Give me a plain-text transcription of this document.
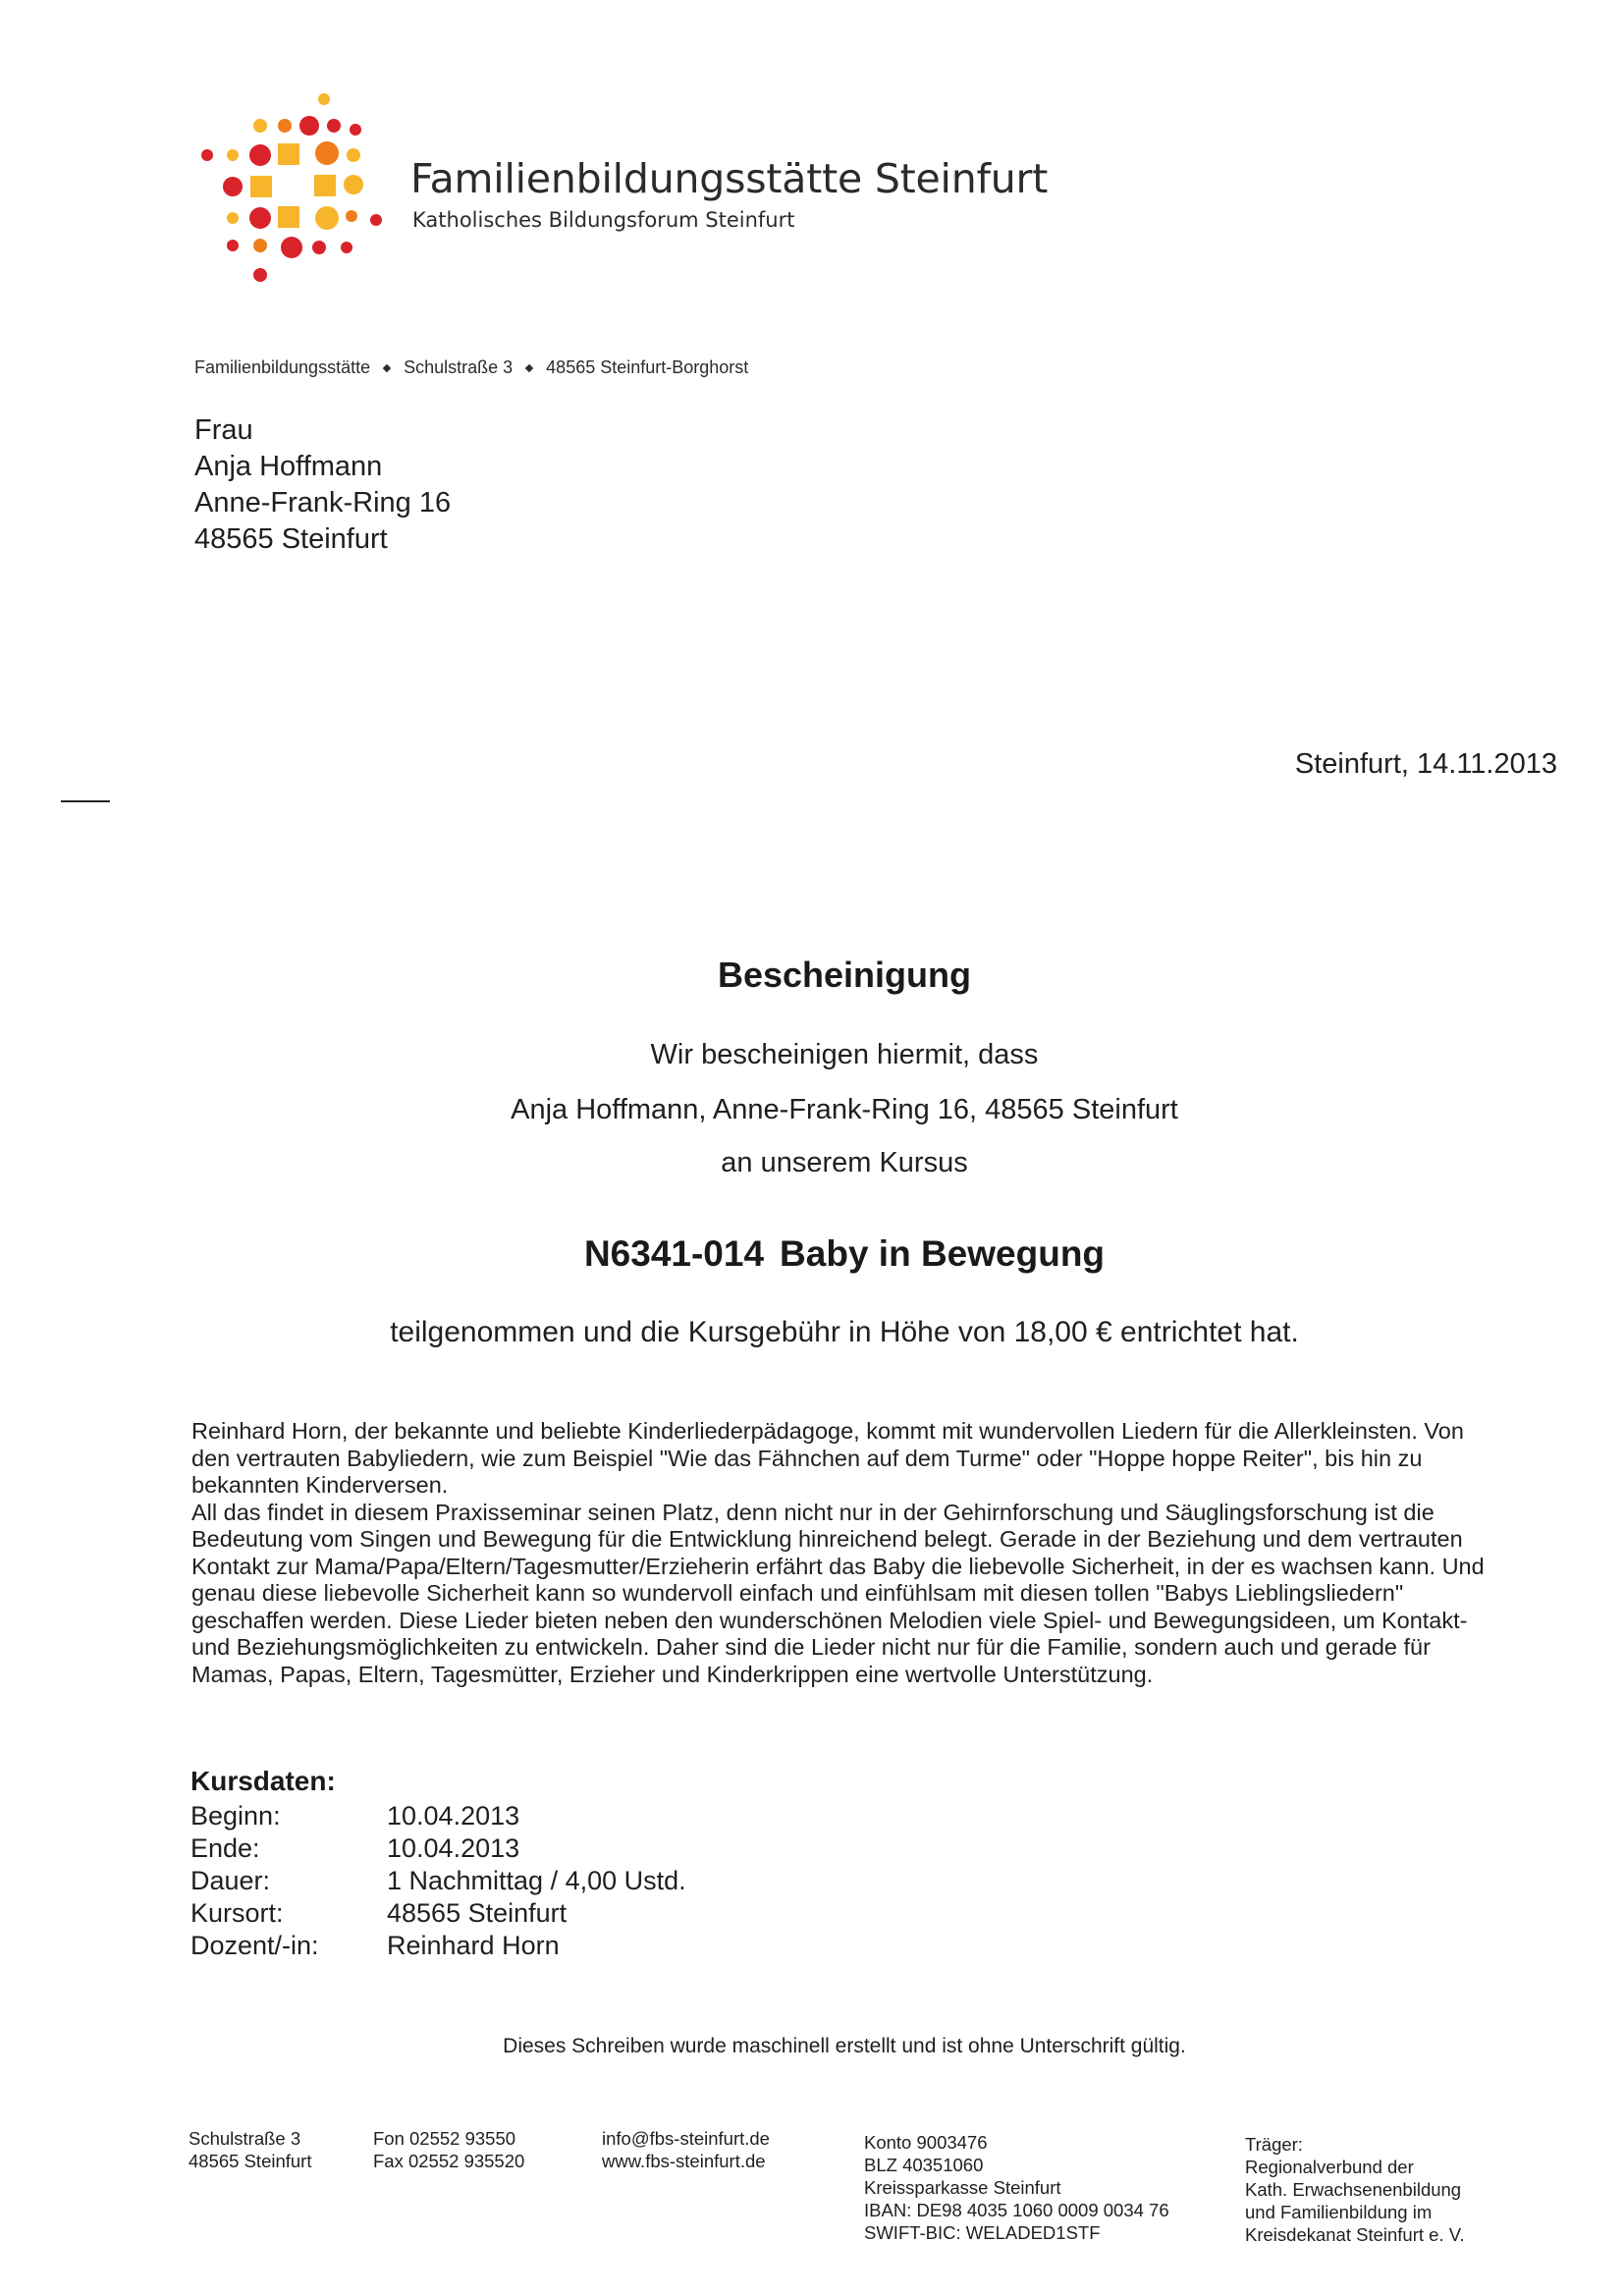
Familienbildungsstätte Steinfurt
Katholisches Bildungsforum Steinfurt
Familienbildungsstätte Schulstraße 3 48565 Steinfurt-Borghorst
Frau
Anja Hoffmann
Anne-Frank-Ring 16
48565 Steinfurt
Steinfurt, 14.11.2013
Bescheinigung
Wir bescheinigen hiermit, dass
Anja Hoffmann, Anne-Frank-Ring 16, 48565 Steinfurt
an unserem Kursus
N6341-014 Baby in Bewegung
teilgenommen und die Kursgebühr in Höhe von 18,00 € entrichtet hat.

Reinhard Horn, der bekannte und beliebte Kinderliederpädagoge, kommt mit wundervollen Liedern für die Allerkleinsten. Von den vertrauten Babyliedern, wie zum Beispiel "Wie das Fähnchen auf dem Turme" oder "Hoppe hoppe Reiter", bis hin zu bekannten Kinderversen.

All das findet in diesem Praxisseminar seinen Platz, denn nicht nur in der Gehirnforschung und Säuglingsforschung ist die Bedeutung vom Singen und Bewegung für die Entwicklung hinreichend belegt. Gerade in der Beziehung und dem vertrauten Kontakt zur Mama/Papa/Eltern/Tagesmutter/Erzieherin erfährt das Baby die liebevolle Sicherheit, in der es wachsen kann. Und genau diese liebevolle Sicherheit kann so wundervoll einfach und einfühlsam mit diesen tollen "Babys Lieblingsliedern" geschaffen werden. Diese Lieder bieten neben den wunderschönen Melodien viele Spiel- und Bewegungsideen, um Kontakt- und Beziehungsmöglichkeiten zu entwickeln. Daher sind die Lieder nicht nur für die Familie, sondern auch und gerade für Mamas, Papas, Eltern, Tagesmütter, Erzieher und Kinderkrippen eine wertvolle Unterstützung.

Kursdaten:
Beginn:	10.04.2013
Ende:	10.04.2013
Dauer:	1 Nachmittag / 4,00 Ustd.
Kursort:	48565 Steinfurt
Dozent/-in:	Reinhard Horn
Dieses Schreiben wurde maschinell erstellt und ist ohne Unterschrift gültig.
Schulstraße 3
48565 Steinfurt
Fon 02552 93550
Fax 02552 935520
info@fbs-steinfurt.de
www.fbs-steinfurt.de
Konto 9003476
BLZ 40351060
Kreissparkasse Steinfurt
IBAN: DE98 4035 1060 0009 0034 76
SWIFT-BIC: WELADED1STF
Träger:
Regionalverbund der
Kath. Erwachsenenbildung
und Familienbildung im
Kreisdekanat Steinfurt e. V.
